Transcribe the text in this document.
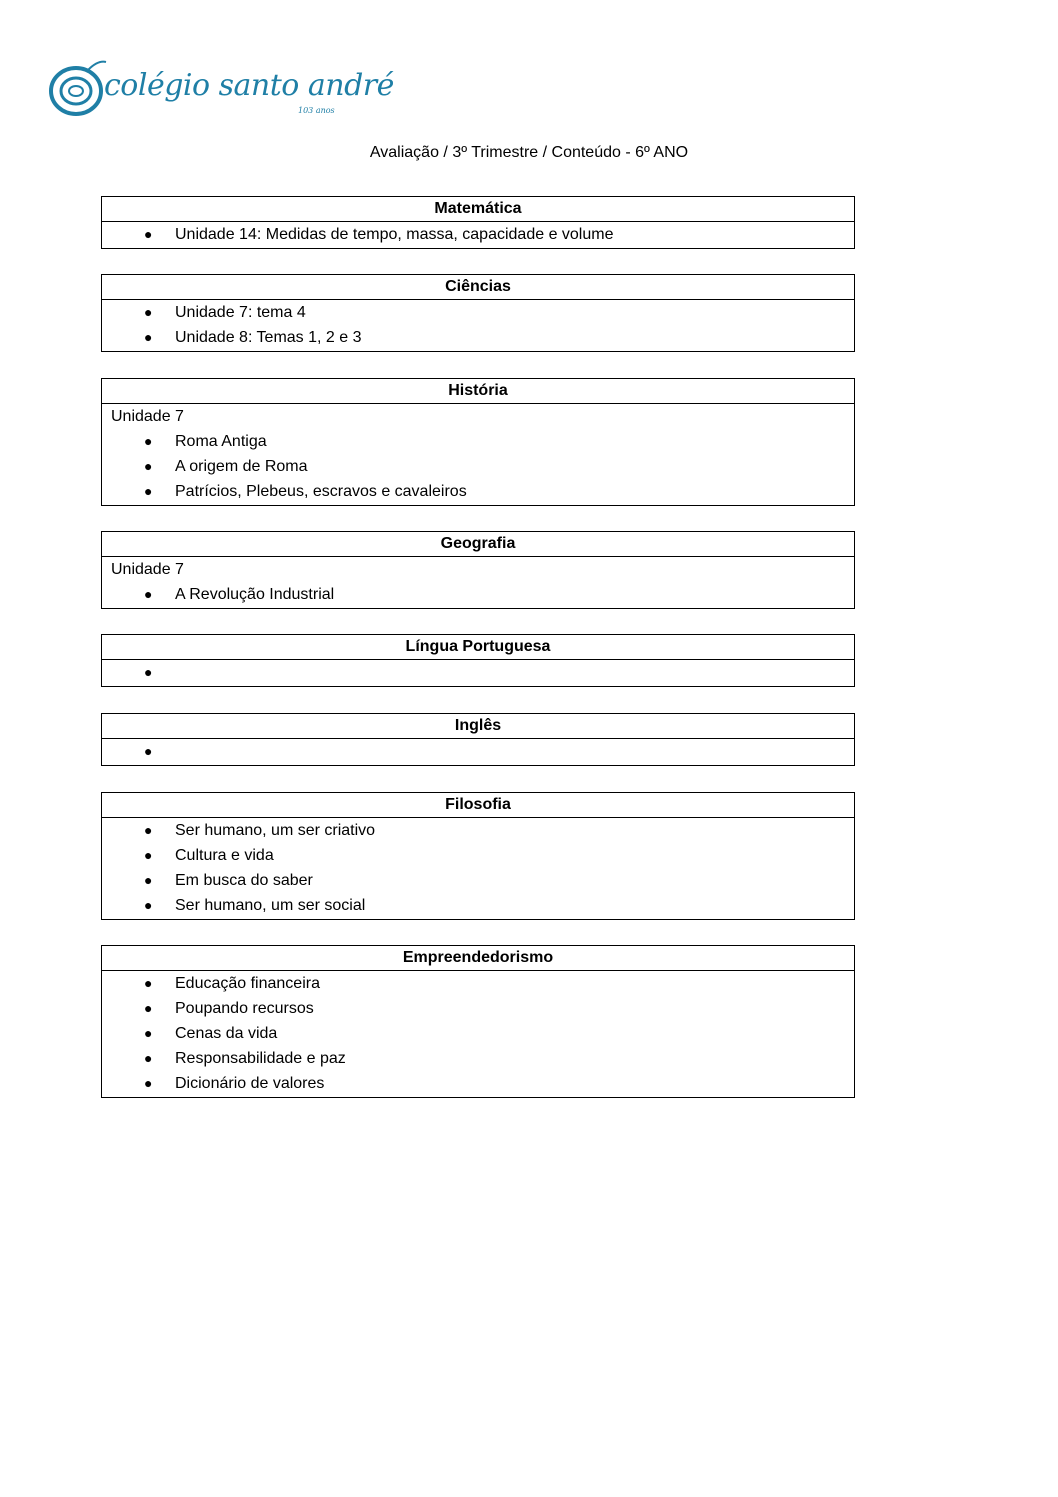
colégio santo andré
103 anos
Avaliação / 3º Trimestre / Conteúdo - 6º ANO
Matemática
● Unidade 14: Medidas de tempo, massa, capacidade e volume
Ciências
● Unidade 7: tema 4
● Unidade 8: Temas 1, 2 e 3
História
Unidade 7
● Roma Antiga
● A origem de Roma
● Patrícios, Plebeus, escravos e cavaleiros
Geografia
Unidade 7
● A Revolução Industrial
Língua Portuguesa
●
Inglês
●
Filosofia
● Ser humano, um ser criativo
● Cultura e vida
● Em busca do saber
● Ser humano, um ser social
Empreendedorismo
● Educação financeira
● Poupando recursos
● Cenas da vida
● Responsabilidade e paz
● Dicionário de valores
